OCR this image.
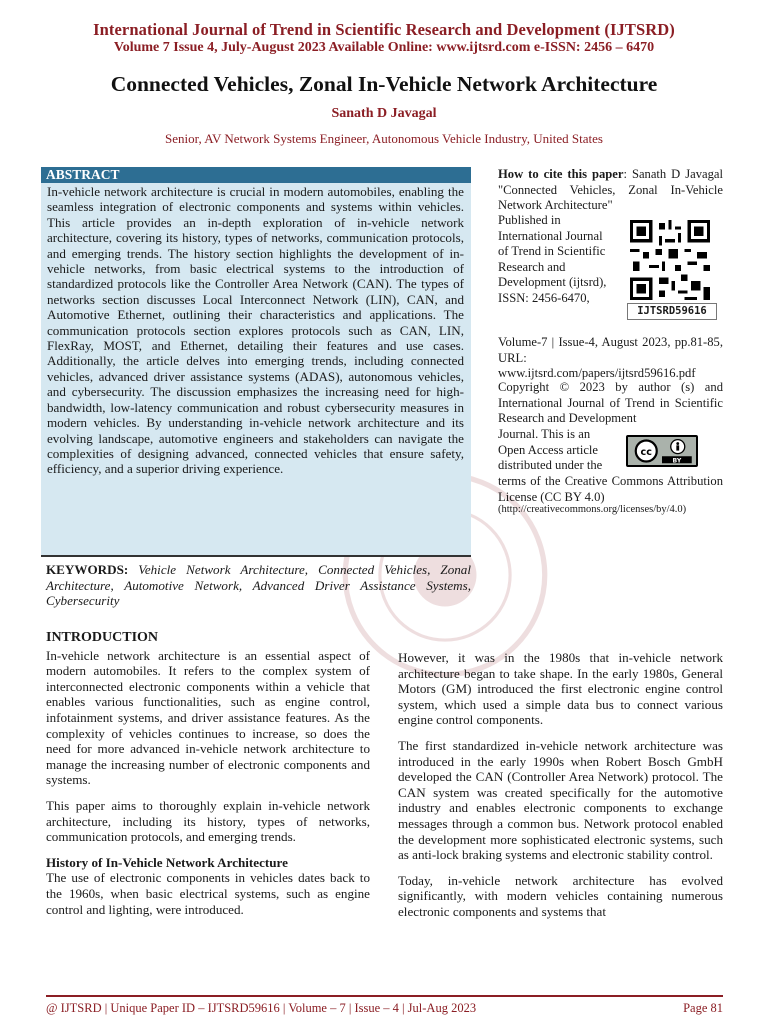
International Journal of Trend in Scientific Research and Development (IJTSRD)
Volume 7 Issue 4, July-August 2023 Available Online: www.ijtsrd.com e-ISSN: 2456 – 6470
Connected Vehicles, Zonal In-Vehicle Network Architecture
Sanath D Javagal
Senior, AV Network Systems Engineer, Autonomous Vehicle Industry, United States
ABSTRACT
In-vehicle network architecture is crucial in modern automobiles, enabling the seamless integration of electronic components and systems within vehicles. This article provides an in-depth exploration of in-vehicle network architecture, covering its history, types of networks, communication protocols, and emerging trends. The history section highlights the development of in-vehicle networks, from basic electrical systems to the introduction of standardized protocols like the Controller Area Network (CAN). The types of networks section discusses Local Interconnect Network (LIN), CAN, and Automotive Ethernet, outlining their characteristics and applications. The communication protocols section explores protocols such as CAN, LIN, FlexRay, MOST, and Ethernet, detailing their features and use cases. Additionally, the article delves into emerging trends, including connected vehicles, advanced driver assistance systems (ADAS), autonomous vehicles, and cybersecurity. The discussion emphasizes the increasing need for high-bandwidth, low-latency communication and robust cybersecurity measures in modern vehicles. By understanding in-vehicle network architecture and its evolving landscape, automotive engineers and stakeholders can navigate the complexities of designing advanced, connected vehicles that ensure safety, efficiency, and a superior driving experience.
KEYWORDS: Vehicle Network Architecture, Connected Vehicles, Zonal Architecture, Automotive Network, Advanced Driver Assistance Systems, Cybersecurity
How to cite this paper: Sanath D Javagal "Connected Vehicles, Zonal In-Vehicle Network Architecture"
Published in International Journal of Trend in Scientific Research and Development (ijtsrd), ISSN: 2456-6470,
Volume-7 | Issue-4, August 2023, pp.81-85, URL: www.ijtsrd.com/papers/ijtsrd59616.pdf
IJTSRD59616
Copyright © 2023 by author (s) and International Journal of Trend in Scientific Research and Development
Journal. This is an Open Access article distributed under the
cc
BY
terms of the Creative Commons Attribution License (CC BY 4.0)
(http://creativecommons.org/licenses/by/4.0)
INTRODUCTION

In-vehicle network architecture is an essential aspect of modern automobiles. It refers to the complex system of interconnected electronic components within a vehicle that enables various functionalities, such as engine control, infotainment systems, and driver assistance features. As the complexity of vehicles continues to increase, so does the need for more advanced in-vehicle network architecture to manage the increasing number of electronic components and systems.

This paper aims to thoroughly explain in-vehicle network architecture, including its history, types of networks, communication protocols, and emerging trends.

History of In-Vehicle Network Architecture

The use of electronic components in vehicles dates back to the 1960s, when basic electrical systems, such as engine control and lighting, were introduced.

However, it was in the 1980s that in-vehicle network architecture began to take shape. In the early 1980s, General Motors (GM) introduced the first electronic engine control system, which used a simple data bus to connect various engine control components.

The first standardized in-vehicle network architecture was introduced in the early 1990s when Robert Bosch GmbH developed the CAN (Controller Area Network) protocol. The CAN system was created specifically for the automotive industry and enables electronic components to exchange messages through a common bus. Network protocol enabled the development more sophisticated electronic systems, such as anti-lock braking systems and electronic stability control.

Today, in-vehicle network architecture has evolved significantly, with modern vehicles containing numerous electronic components and systems that

@ IJTSRD | Unique Paper ID – IJTSRD59616 | Volume – 7 | Issue – 4 | Jul-Aug 2023	Page 81
